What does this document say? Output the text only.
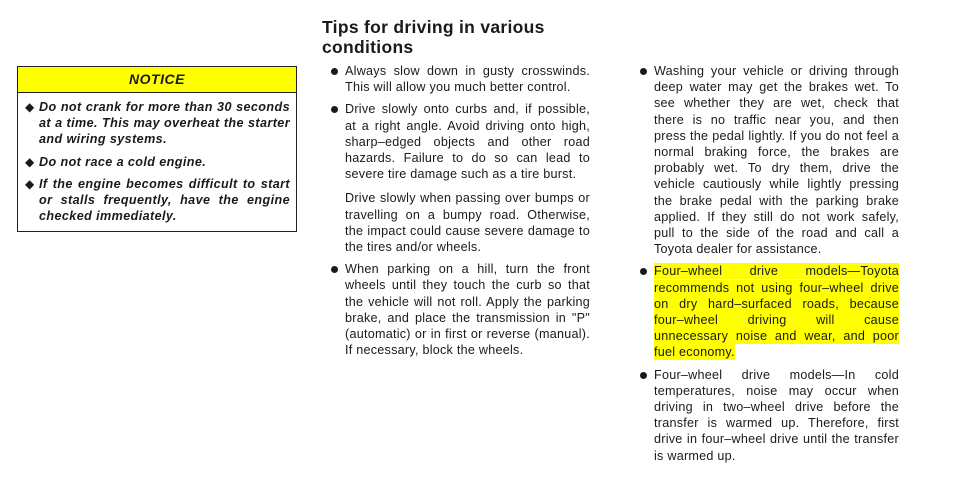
NOTICE
◆ Do not crank for more than 30 seconds at a time. This may overheat the starter and wiring systems.
◆ Do not race a cold engine.
◆ If the engine becomes difficult to start or stalls frequently, have the engine checked immediately.
Tips for driving in various conditions

Always slow down in gusty crosswinds. This will allow you much better control.

Drive slowly onto curbs and, if possible, at a right angle. Avoid driving onto high, sharp–edged objects and other road hazards. Failure to do so can lead to severe tire damage such as a tire burst.

Drive slowly when passing over bumps or travelling on a bumpy road. Otherwise, the impact could cause severe damage to the tires and/or wheels.

When parking on a hill, turn the front wheels until they touch the curb so that the vehicle will not roll. Apply the parking brake, and place the transmission in "P" (automatic) or in first or reverse (manual). If necessary, block the wheels.

Washing your vehicle or driving through deep water may get the brakes wet. To see whether they are wet, check that there is no traffic near you, and then press the pedal lightly. If you do not feel a normal braking force, the brakes are probably wet. To dry them, drive the vehicle cautiously while lightly pressing the brake pedal with the parking brake applied. If they still do not work safely, pull to the side of the road and call a Toyota dealer for assistance.

Four–wheel drive models—Toyota recommends not using four–wheel drive on dry hard–surfaced roads, because four–wheel driving will cause unnecessary noise and wear, and poor fuel economy.

Four–wheel drive models—In cold temperatures, noise may occur when driving in two–wheel drive before the transfer is warmed up. Therefore, first drive in four–wheel drive until the transfer is warmed up.
